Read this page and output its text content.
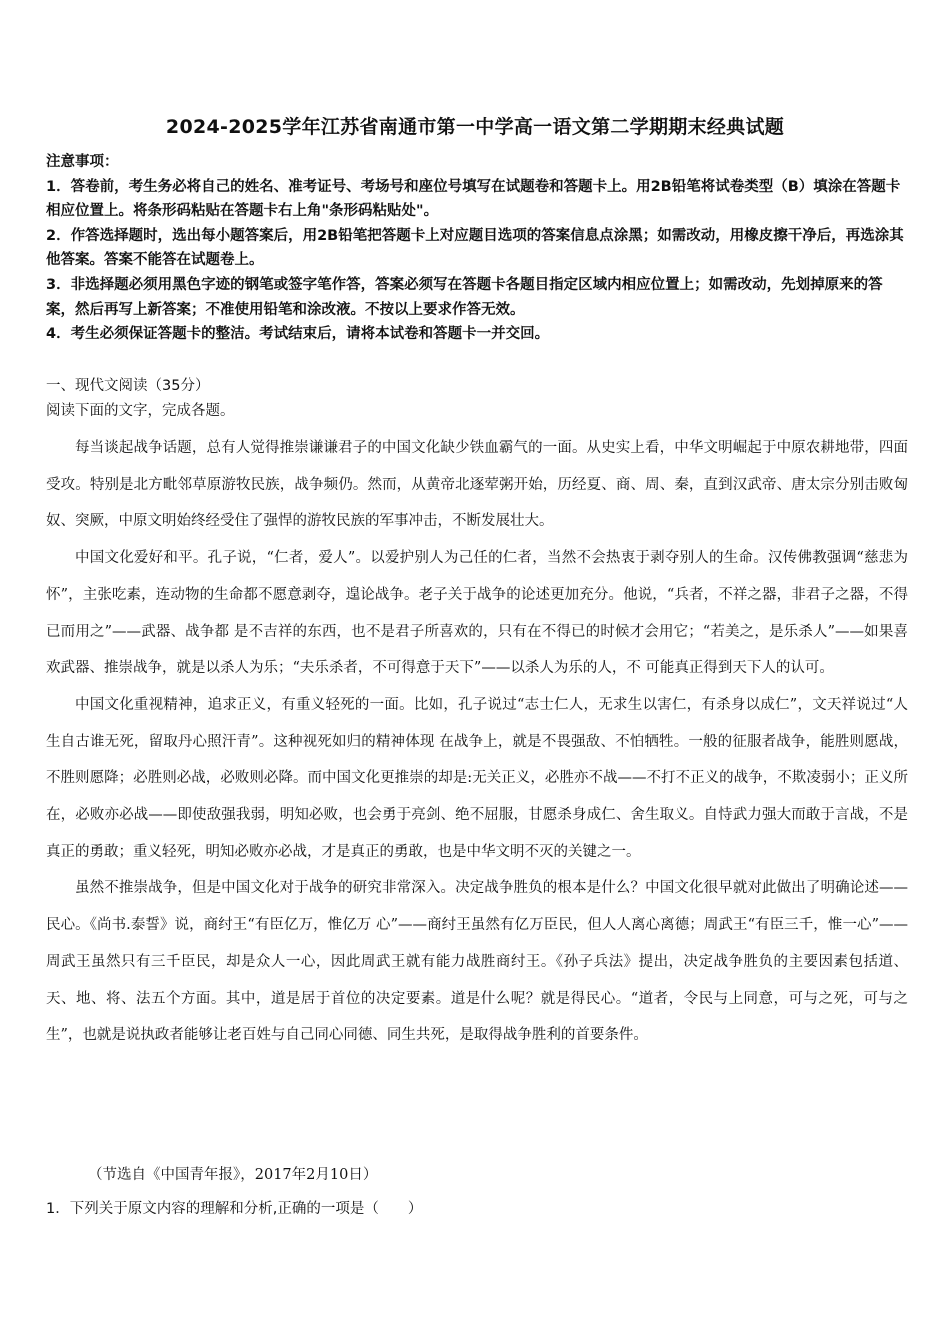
2024-2025学年江苏省南通市第一中学高一语文第二学期期末经典试题

注意事项：

1．答卷前，考生务必将自己的姓名、准考证号、考场号和座位号填写在试题卷和答题卡上。用2B铅笔将试卷类型（B）填涂在答题卡相应位置上。将条形码粘贴在答题卡右上角"条形码粘贴处"。

2．作答选择题时，选出每小题答案后，用2B铅笔把答题卡上对应题目选项的答案信息点涂黑；如需改动，用橡皮擦干净后，再选涂其他答案。答案不能答在试题卷上。

3．非选择题必须用黑色字迹的钢笔或签字笔作答，答案必须写在答题卡各题目指定区域内相应位置上；如需改动，先划掉原来的答案，然后再写上新答案；不准使用铅笔和涂改液。不按以上要求作答无效。

4．考生必须保证答题卡的整洁。考试结束后，请将本试卷和答题卡一并交回。

一、现代文阅读（35分）
阅读下面的文字，完成各题。

每当谈起战争话题，总有人觉得推崇谦谦君子的中国文化缺少铁血霸气的一面。从史实上看，中华文明崛起于中原农耕地带，四面受攻。特别是北方毗邻草原游牧民族，战争频仍。然而，从黄帝北逐荤粥开始，历经夏、商、周、秦，直到汉武帝、唐太宗分别击败匈奴、突厥，中原文明始终经受住了强悍的游牧民族的军事冲击，不断发展壮大。

中国文化爱好和平。孔子说，“仁者，爱人”。以爱护别人为己任的仁者，当然不会热衷于剥夺别人的生命。汉传佛教强调“慈悲为怀”，主张吃素，连动物的生命都不愿意剥夺，遑论战争。老子关于战争的论述更加充分。他说，“兵者，不祥之器，非君子之器，不得已而用之”——武器、战争都 是不吉祥的东西，也不是君子所喜欢的，只有在不得已的时候才会用它；“若美之，是乐杀人”——如果喜欢武器、推崇战争，就是以杀人为乐；“夫乐杀者，不可得意于天下”——以杀人为乐的人，不 可能真正得到天下人的认可。

中国文化重视精神，追求正义，有重义轻死的一面。比如，孔子说过“志士仁人，无求生以害仁，有杀身以成仁”，文天祥说过“人生自古谁无死，留取丹心照汗青”。这种视死如归的精神体现 在战争上，就是不畏强敌、不怕牺牲。一般的征服者战争，能胜则愿战，不胜则愿降；必胜则必战，必败则必降。而中国文化更推崇的却是:无关正义，必胜亦不战——不打不正义的战争，不欺凌弱小；正义所在，必败亦必战——即使敌强我弱，明知必败，也会勇于亮剑、绝不屈服，甘愿杀身成仁、舍生取义。自恃武力强大而敢于言战，不是真正的勇敢；重义轻死，明知必败亦必战，才是真正的勇敢，也是中华文明不灭的关键之一。

虽然不推崇战争，但是中国文化对于战争的研究非常深入。决定战争胜负的根本是什么？中国文化很早就对此做出了明确论述——民心。《尚书.泰誓》说，商纣王“有臣亿万，惟亿万 心”——商纣王虽然有亿万臣民，但人人离心离德；周武王“有臣三千，惟一心”——周武王虽然只有三千臣民，却是众人一心，因此周武王就有能力战胜商纣王。《孙子兵法》提出，决定战争胜负的主要因素包括道、天、地、将、法五个方面。其中，道是居于首位的决定要素。道是什么呢？就是得民心。“道者，令民与上同意，可与之死，可与之生”，也就是说执政者能够让老百姓与自己同心同德、同生共死，是取得战争胜利的首要条件。

（节选自《中国青年报》，2017年2月10日）
1．下列关于原文内容的理解和分析,正确的一项是（　　）
